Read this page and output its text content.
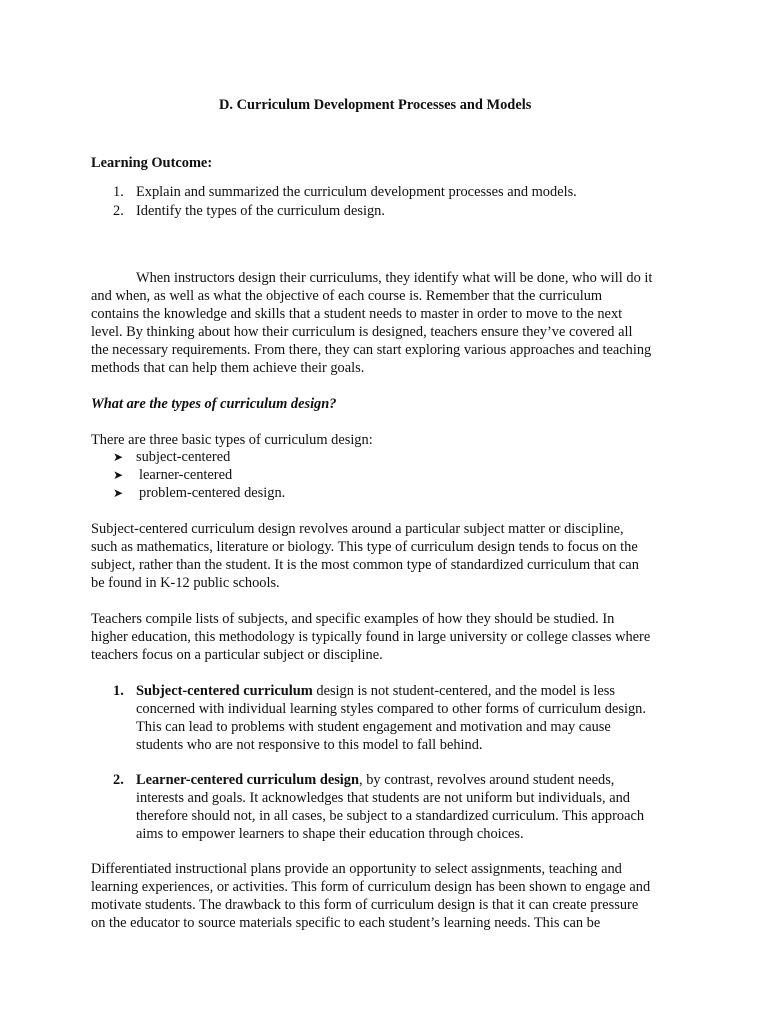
D. Curriculum Development Processes and Models
Learning Outcome:
1. Explain and summarized the curriculum development processes and models.
2. Identify the types of the curriculum design.
When instructors design their curriculums, they identify what will be done, who will do it
and when, as well as what the objective of each course is. Remember that the curriculum
contains the knowledge and skills that a student needs to master in order to move to the next
level. By thinking about how their curriculum is designed, teachers ensure they’ve covered all
the necessary requirements. From there, they can start exploring various approaches and teaching
methods that can help them achieve their goals.
What are the types of curriculum design?
There are three basic types of curriculum design:
➤ subject-centered
➤ learner-centered
➤ problem-centered design.
Subject-centered curriculum design revolves around a particular subject matter or discipline,
such as mathematics, literature or biology. This type of curriculum design tends to focus on the
subject, rather than the student. It is the most common type of standardized curriculum that can
be found in K-12 public schools.
Teachers compile lists of subjects, and specific examples of how they should be studied. In
higher education, this methodology is typically found in large university or college classes where
teachers focus on a particular subject or discipline.
1. Subject-centered curriculum design is not student-centered, and the model is less
concerned with individual learning styles compared to other forms of curriculum design.
This can lead to problems with student engagement and motivation and may cause
students who are not responsive to this model to fall behind.
2. Learner-centered curriculum design, by contrast, revolves around student needs,
interests and goals. It acknowledges that students are not uniform but individuals, and
therefore should not, in all cases, be subject to a standardized curriculum. This approach
aims to empower learners to shape their education through choices.
Differentiated instructional plans provide an opportunity to select assignments, teaching and
learning experiences, or activities. This form of curriculum design has been shown to engage and
motivate students. The drawback to this form of curriculum design is that it can create pressure
on the educator to source materials specific to each student’s learning needs. This can be
